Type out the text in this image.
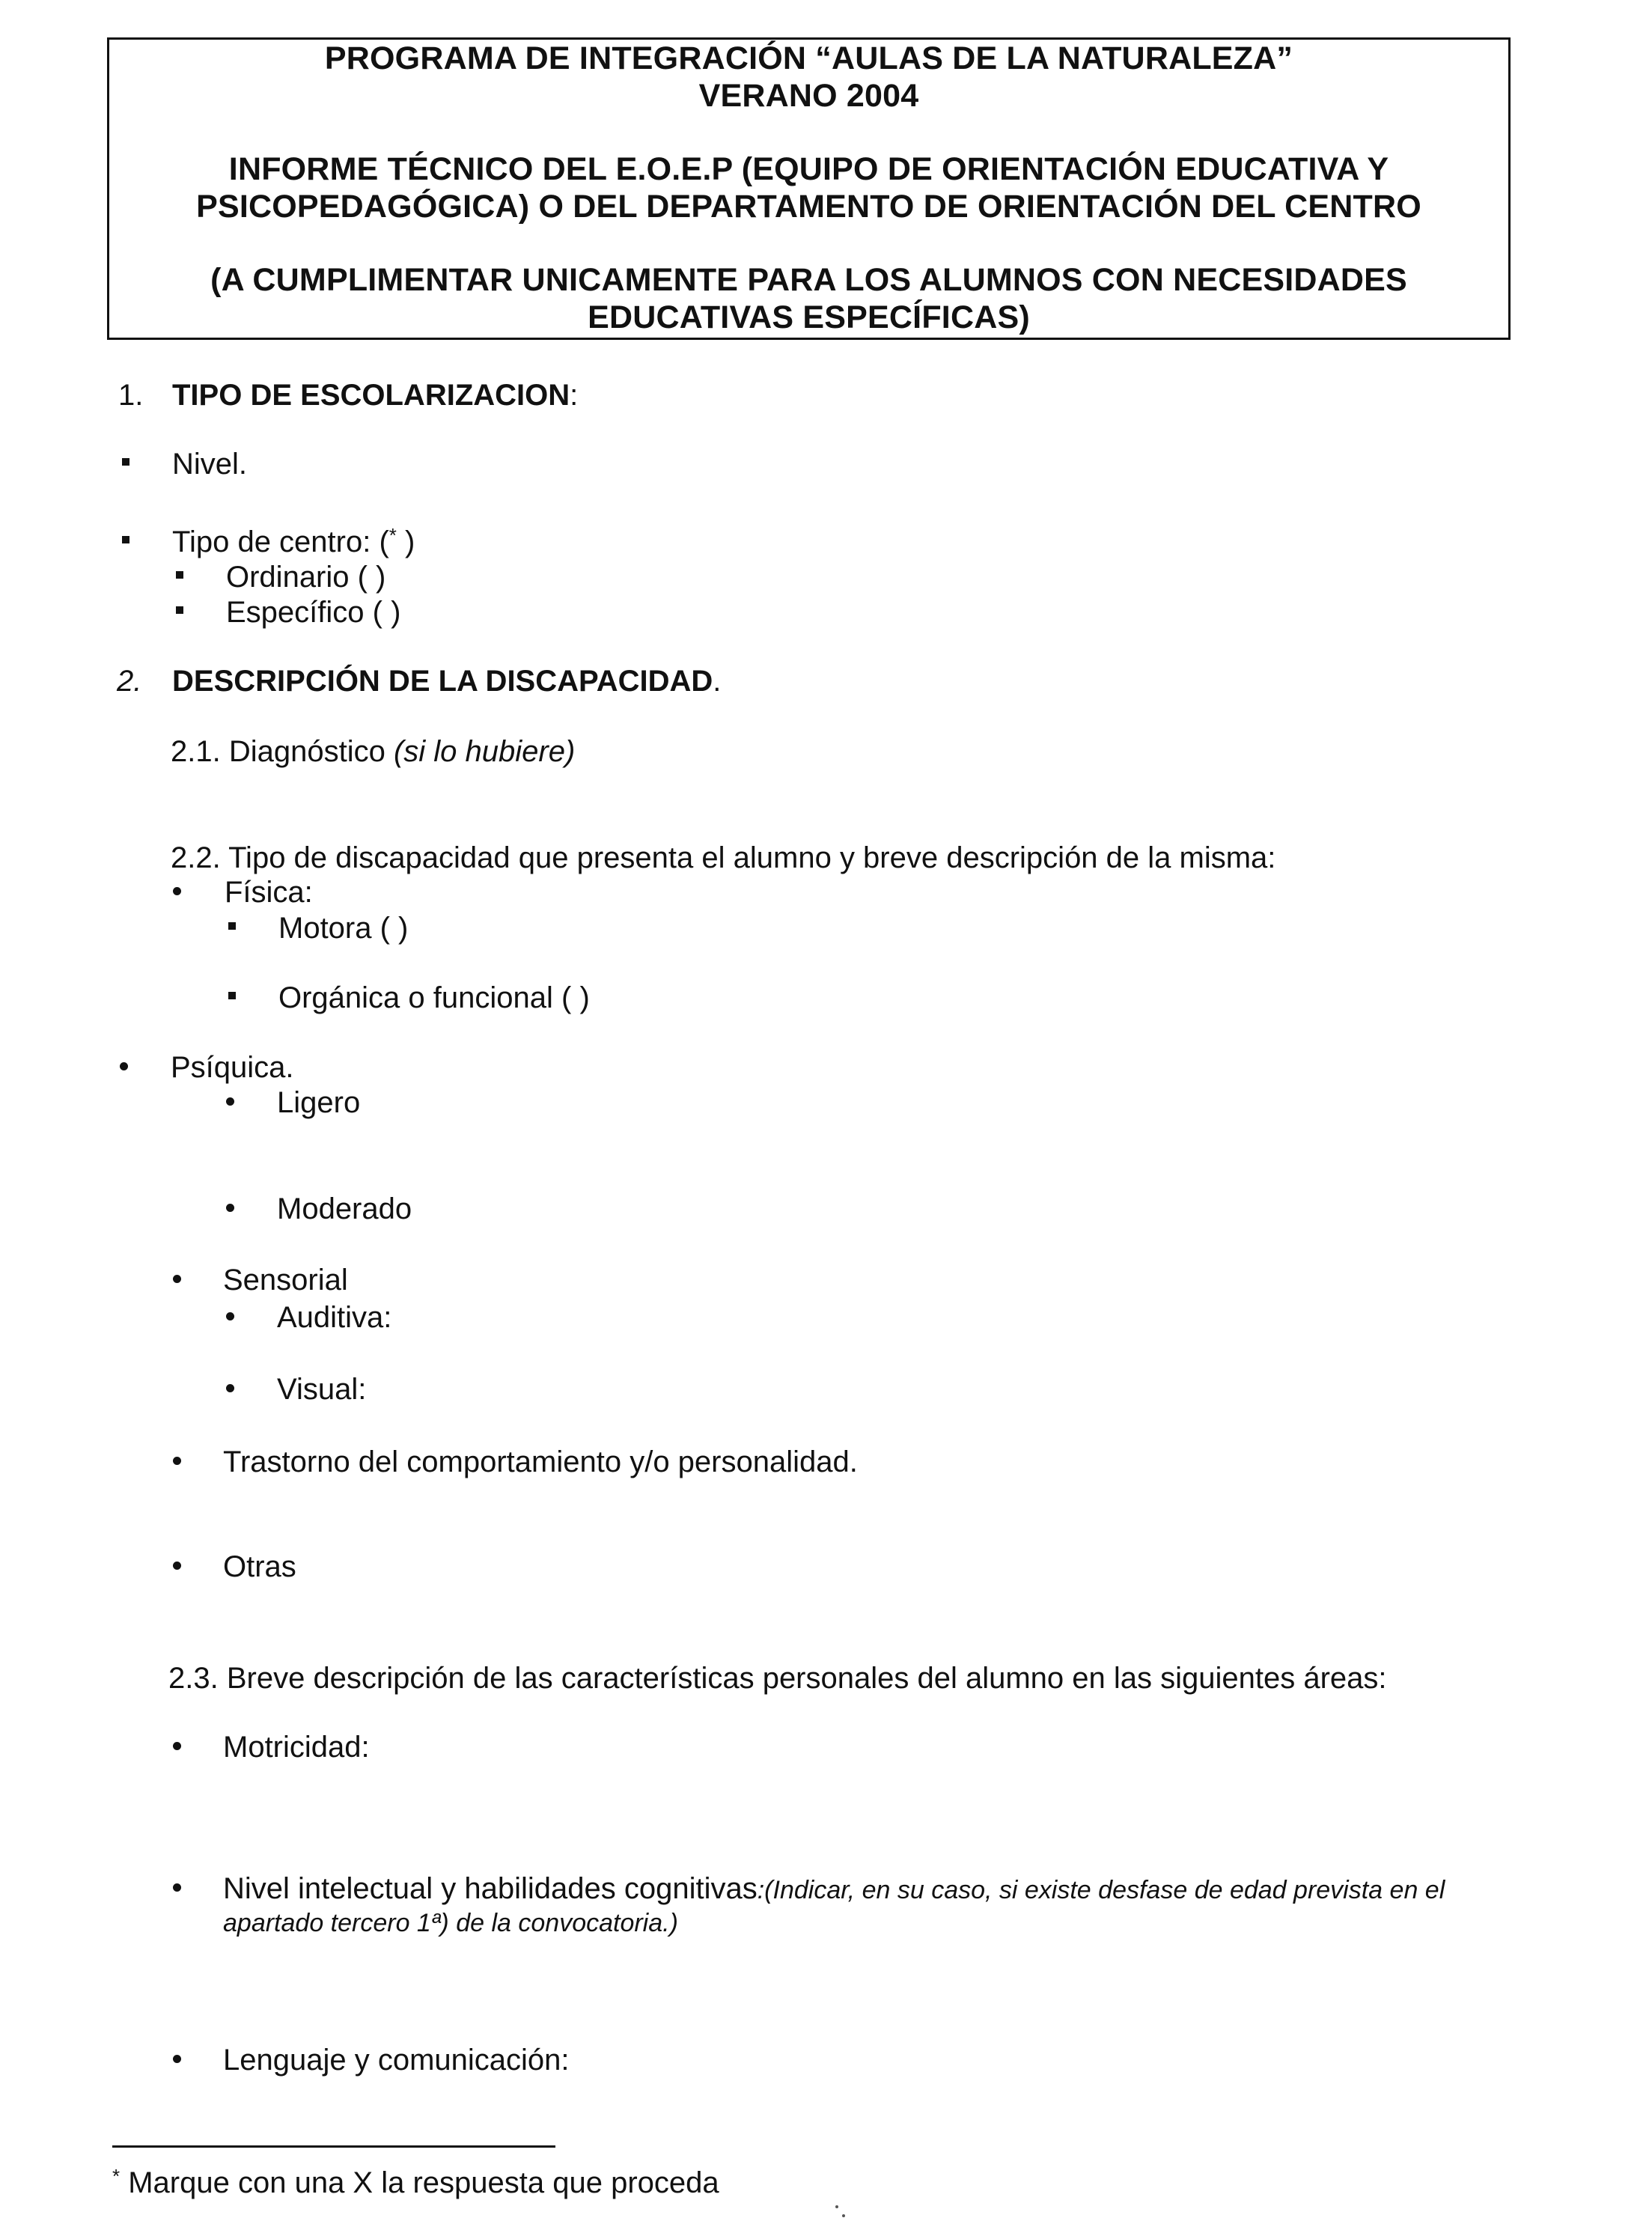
PROGRAMA DE INTEGRACIÓN “AULAS DE LA NATURALEZA”
VERANO 2004
INFORME TÉCNICO DEL E.O.E.P (EQUIPO DE ORIENTACIÓN EDUCATIVA Y
PSICOPEDAGÓGICA) O DEL DEPARTAMENTO DE ORIENTACIÓN DEL CENTRO
(A CUMPLIMENTAR UNICAMENTE PARA LOS ALUMNOS CON NECESIDADES
EDUCATIVAS ESPECÍFICAS)
1. TIPO DE ESCOLARIZACION:
Nivel.
Tipo de centro: (* )
Ordinario ( )
Específico ( )
2. DESCRIPCIÓN DE LA DISCAPACIDAD.
2.1. Diagnóstico (si lo hubiere)
2.2. Tipo de discapacidad que presenta el alumno y breve descripción de la misma:
Física:
Motora ( )
Orgánica o funcional ( )
Psíquica.
Ligero
Moderado
Sensorial
Auditiva:
Visual:
Trastorno del comportamiento y/o personalidad.
Otras
2.3. Breve descripción de las características personales del alumno en las siguientes áreas:
Motricidad:
Nivel intelectual y habilidades cognitivas:(Indicar, en su caso, si existe desfase de edad prevista en el
apartado tercero 1ª) de la convocatoria.)
Lenguaje y comunicación:
* Marque con una X la respuesta que proceda
